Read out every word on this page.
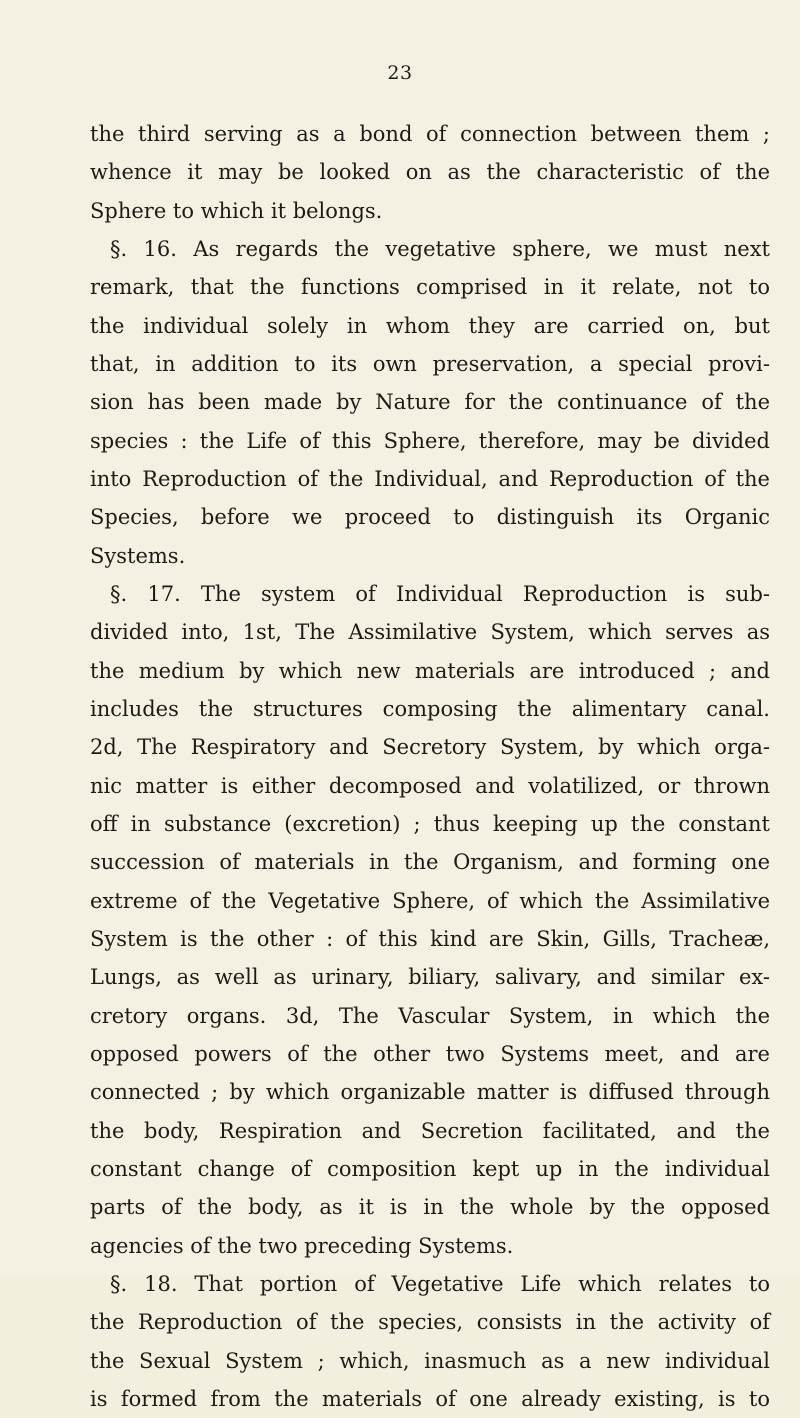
23
the third serving as a bond of connection between them ;
whence it may be looked on as the characteristic of the
Sphere to which it belongs.
§. 16. As regards the vegetative sphere, we must next
remark, that the functions comprised in it relate, not to
the individual solely in whom they are carried on, but
that, in addition to its own preservation, a special provi-
sion has been made by Nature for the continuance of the
species : the Life of this Sphere, therefore, may be divided
into Reproduction of the Individual, and Reproduction of the
Species, before we proceed to distinguish its Organic
Systems.
§. 17. The system of Individual Reproduction is sub-
divided into, 1st, The Assimilative System, which serves as
the medium by which new materials are introduced ; and
includes the structures composing the alimentary canal.
2d, The Respiratory and Secretory System, by which orga-
nic matter is either decomposed and volatilized, or thrown
off in substance (excretion) ; thus keeping up the constant
succession of materials in the Organism, and forming one
extreme of the Vegetative Sphere, of which the Assimilative
System is the other : of this kind are Skin, Gills, Tracheæ,
Lungs, as well as urinary, biliary, salivary, and similar ex-
cretory organs. 3d, The Vascular System, in which the
opposed powers of the other two Systems meet, and are
connected ; by which organizable matter is diffused through
the body, Respiration and Secretion facilitated, and the
constant change of composition kept up in the individual
parts of the body, as it is in the whole by the opposed
agencies of the two preceding Systems.
§. 18. That portion of Vegetative Life which relates to
the Reproduction of the species, consists in the activity of
the Sexual System ; which, inasmuch as a new individual
is formed from the materials of one already existing, is to
